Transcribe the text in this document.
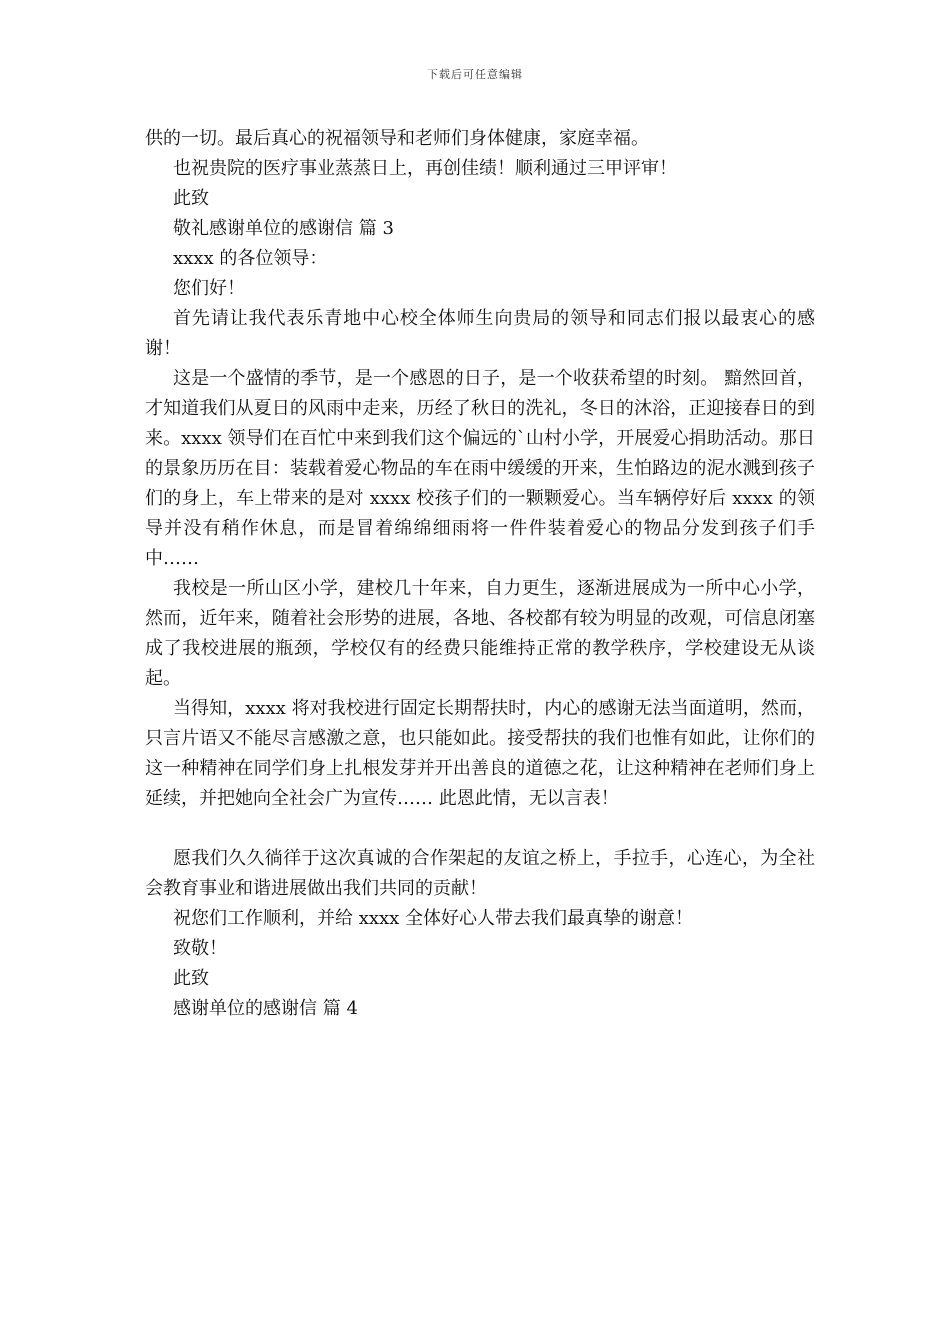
下载后可任意编辑

供的一切。最后真心的祝福领导和老师们身体健康，家庭幸福。

也祝贵院的医疗事业蒸蒸日上，再创佳绩！顺利通过三甲评审！

此致

敬礼感谢单位的感谢信 篇 3

xxxx 的各位领导：

您们好！

首先请让我代表乐青地中心校全体师生向贵局的领导和同志们报以最衷心的感谢！

这是一个盛情的季节，是一个感恩的日子，是一个收获希望的时刻。 黯然回首，才知道我们从夏日的风雨中走来，历经了秋日的洗礼，冬日的沐浴，正迎接春日的到来。xxxx 领导们在百忙中来到我们这个偏远的`山村小学，开展爱心捐助活动。那日的景象历历在目：装载着爱心物品的车在雨中缓缓的开来，生怕路边的泥水溅到孩子们的身上，车上带来的是对 xxxx 校孩子们的一颗颗爱心。当车辆停好后 xxxx 的领导并没有稍作休息，而是冒着绵绵细雨将一件件装着爱心的物品分发到孩子们手中……

我校是一所山区小学，建校几十年来，自力更生，逐渐进展成为一所中心小学，然而，近年来，随着社会形势的进展，各地、各校都有较为明显的改观，可信息闭塞成了我校进展的瓶颈，学校仅有的经费只能维持正常的教学秩序，学校建设无从谈起。

当得知，xxxx 将对我校进行固定长期帮扶时，内心的感谢无法当面道明，然而，只言片语又不能尽言感激之意，也只能如此。接受帮扶的我们也惟有如此，让你们的这一种精神在同学们身上扎根发芽并开出善良的道德之花，让这种精神在老师们身上延续，并把她向全社会广为宣传…… 此恩此情，无以言表！

愿我们久久徜徉于这次真诚的合作架起的友谊之桥上，手拉手，心连心，为全社会教育事业和谐进展做出我们共同的贡献！

祝您们工作顺利，并给 xxxx 全体好心人带去我们最真挚的谢意！

致敬！

此致

感谢单位的感谢信 篇 4
